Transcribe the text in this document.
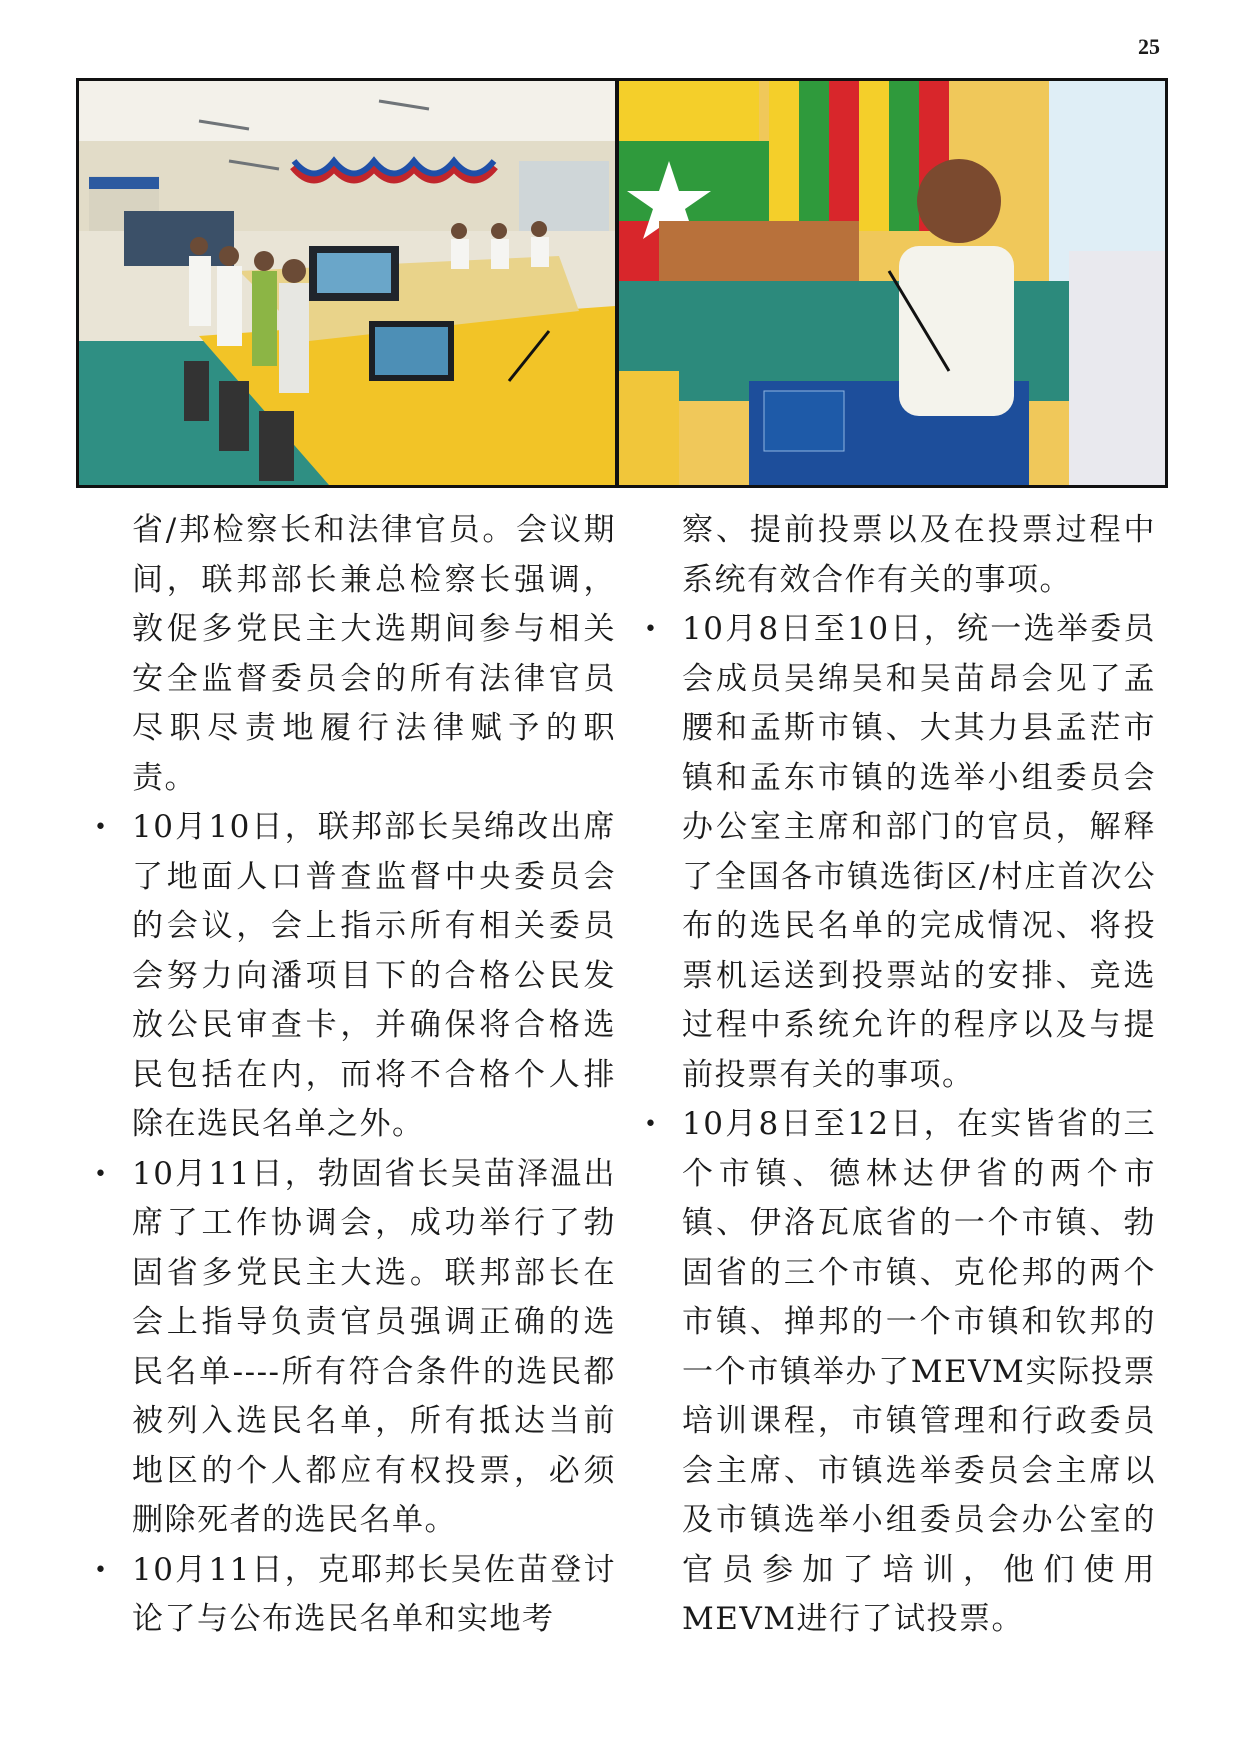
25
省/邦检察长和法律官员。会议期间，联邦部长兼总检察长强调，敦促多党民主大选期间参与相关安全监督委员会的所有法律官员尽职尽责地履行法律赋予的职责。
• 10月10日，联邦部长吴绵改出席了地面人口普查监督中央委员会的会议，会上指示所有相关委员会努力向潘项目下的合格公民发放公民审查卡，并确保将合格选民包括在内，而将不合格个人排除在选民名单之外。
• 10月11日，勃固省长吴苗泽温出席了工作协调会，成功举行了勃固省多党民主大选。联邦部长在会上指导负责官员强调正确的选民名单----所有符合条件的选民都被列入选民名单，所有抵达当前地区的个人都应有权投票，必须删除死者的选民名单。
• 10月11日，克耶邦长吴佐苗登讨论了与公布选民名单和实地考
察、提前投票以及在投票过程中系统有效合作有关的事项。
• 10月8日至10日，统一选举委员会成员吴绵吴和吴苗昂会见了孟腰和孟斯市镇、大其力县孟茫市镇和孟东市镇的选举小组委员会办公室主席和部门的官员，解释了全国各市镇选街区/村庄首次公布的选民名单的完成情况、将投票机运送到投票站的安排、竞选过程中系统允许的程序以及与提前投票有关的事项。
• 10月8日至12日，在实皆省的三个市镇、德林达伊省的两个市镇、伊洛瓦底省的一个市镇、勃固省的三个市镇、克伦邦的两个市镇、掸邦的一个市镇和钦邦的一个市镇举办了MEVM实际投票培训课程，市镇管理和行政委员会主席、市镇选举委员会主席以及市镇选举小组委员会办公室的官员参加了培训，他们使用MEVM进行了试投票。
